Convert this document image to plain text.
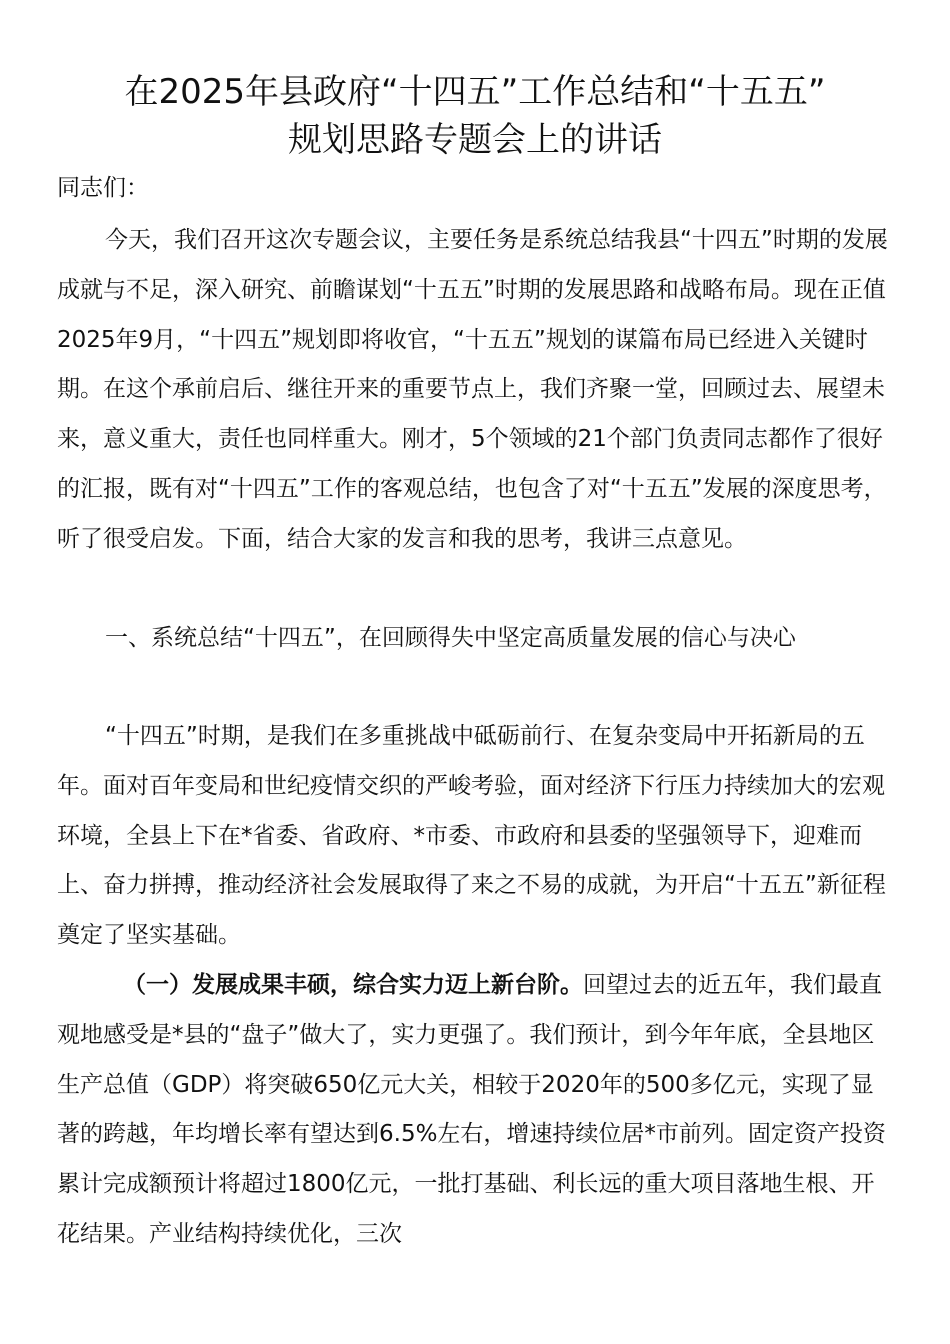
在2025年县政府“十四五”工作总结和“十五五”
规划思路专题会上的讲话

同志们：

今天，我们召开这次专题会议，主要任务是系统总结我县“十四五”时期的发展成就与不足，深入研究、前瞻谋划“十五五”时期的发展思路和战略布局。现在正值2025年9月，“十四五”规划即将收官，“十五五”规划的谋篇布局已经进入关键时期。在这个承前启后、继往开来的重要节点上，我们齐聚一堂，回顾过去、展望未来，意义重大，责任也同样重大。刚才，5个领域的21个部门负责同志都作了很好的汇报，既有对“十四五”工作的客观总结，也包含了对“十五五”发展的深度思考，听了很受启发。下面，结合大家的发言和我的思考，我讲三点意见。

一、系统总结“十四五”，在回顾得失中坚定高质量发展的信心与决心

“十四五”时期，是我们在多重挑战中砥砺前行、在复杂变局中开拓新局的五年。面对百年变局和世纪疫情交织的严峻考验，面对经济下行压力持续加大的宏观环境，全县上下在*省委、省政府、*市委、市政府和县委的坚强领导下，迎难而上、奋力拼搏，推动经济社会发展取得了来之不易的成就，为开启“十五五”新征程奠定了坚实基础。

（一）发展成果丰硕，综合实力迈上新台阶。回望过去的近五年，我们最直观地感受是*县的“盘子”做大了，实力更强了。我们预计，到今年年底，全县地区生产总值（GDP）将突破650亿元大关，相较于2020年的500多亿元，实现了显著的跨越，年均增长率有望达到6.5%左右，增速持续位居*市前列。固定资产投资累计完成额预计将超过1800亿元，一批打基础、利长远的重大项目落地生根、开花结果。产业结构持续优化，三次
